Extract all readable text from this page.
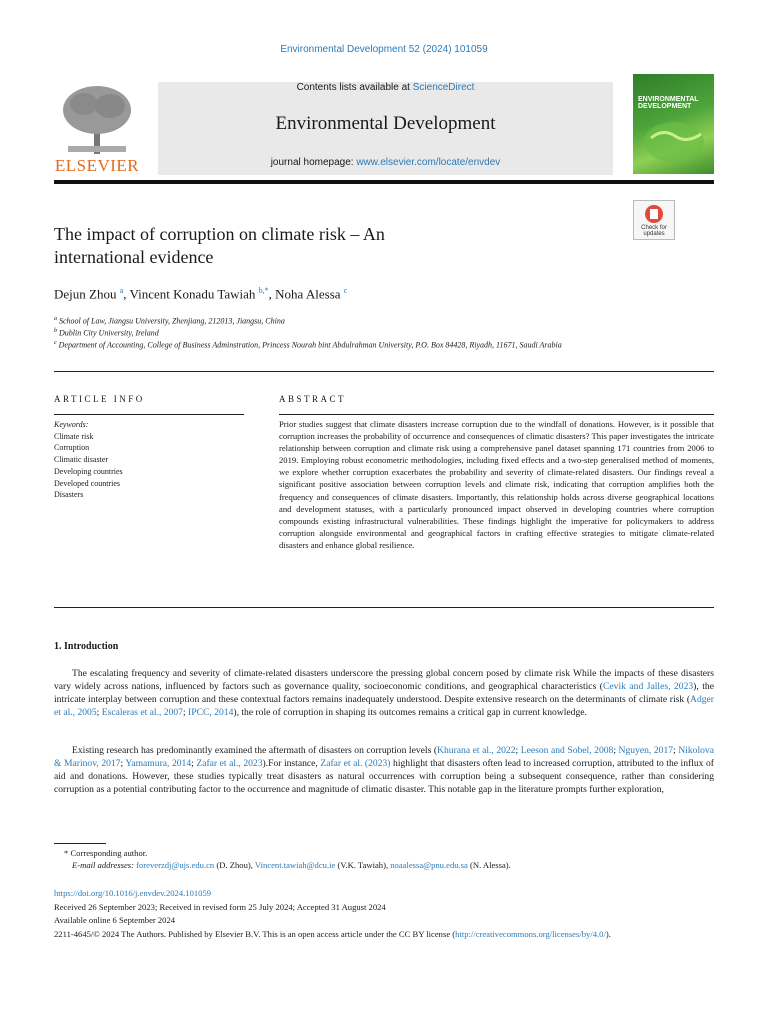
Environmental Development 52 (2024) 101059
ELSEVIER
Contents lists available at ScienceDirect
Environmental Development
journal homepage: www.elsevier.com/locate/envdev
ENVIRONMENTAL
DEVELOPMENT
Check for updates
The impact of corruption on climate risk – An
international evidence
Dejun Zhou $^a$, Vincent Konadu Tawiah $^{b,*}$, Noha Alessa $^c$
$^a$ School of Law, Jiangsu University, Zhenjiang, 212013, Jiangsu, China
$^b$ Dublin City University, Ireland
$^c$ Department of Accounting, College of Business Adminstration, Princess Nourah bint Abdulrahman University, P.O. Box 84428, Riyadh, 11671, Saudi Arabia
ARTICLE INFO
Keywords:
Climate risk
Corruption
Climatic disaster
Developing countries
Developed countries
Disasters
ABSTRACT
Prior studies suggest that climate disasters increase corruption due to the windfall of donations. However, is it possible that corruption increases the probability of occurrence and consequences of climatic disasters? This paper investigates the intricate relationship between corruption and climate risk using a comprehensive panel dataset spanning 171 countries from 2006 to 2019. Employing robust econometric methodologies, including fixed effects and a two-step generalised method of moments, we explore whether corruption exacerbates the probability and severity of climate-related disasters. Our findings reveal a significant positive association between corruption levels and climate risk, indicating that corruption amplifies both the frequency and consequences of climate disasters. Importantly, this relationship holds across diverse geographical locations and development statuses, with a particularly pronounced impact observed in developing countries where corruption compounds existing infrastructural vulnerabilities. These findings highlight the imperative for policymakers to address corruption alongside environmental and geographical factors in crafting effective strategies to mitigate climate-related disasters and enhance global resilience.
1. Introduction
The escalating frequency and severity of climate-related disasters underscore the pressing global concern posed by climate risk While the impacts of these disasters vary widely across nations, influenced by factors such as governance quality, socioeconomic conditions, and geographical characteristics (Cevik and Jalles, 2023), the intricate interplay between corruption and these contextual factors remains inadequately understood. Despite extensive research on the determinants of climate risk (Adger et al., 2005; Escaleras et al., 2007; IPCC, 2014), the role of corruption in shaping its outcomes remains a critical gap in current knowledge.
Existing research has predominantly examined the aftermath of disasters on corruption levels (Khurana et al., 2022; Leeson and Sobel, 2008; Nguyen, 2017; Nikolova & Marinov, 2017; Yamamura, 2014; Zafar et al., 2023).For instance, Zafar et al. (2023) highlight that disasters often lead to increased corruption, attributed to the influx of aid and donations. However, these studies typically treat disasters as natural occurrences with corruption being a subsequent consequence, rather than considering corruption as a potential contributing factor to the occurrence and magnitude of climatic disaster. This notable gap in the literature prompts further exploration,
* Corresponding author.
E-mail addresses: foreverzdj@ujs.edu.cn (D. Zhou), Vincent.tawiah@dcu.ie (V.K. Tawiah), noaalessa@pnu.edu.sa (N. Alessa).
https://doi.org/10.1016/j.envdev.2024.101059
Received 26 September 2023; Received in revised form 25 July 2024; Accepted 31 August 2024
Available online 6 September 2024
2211-4645/© 2024 The Authors. Published by Elsevier B.V. This is an open access article under the CC BY license (http://creativecommons.org/licenses/by/4.0/).
